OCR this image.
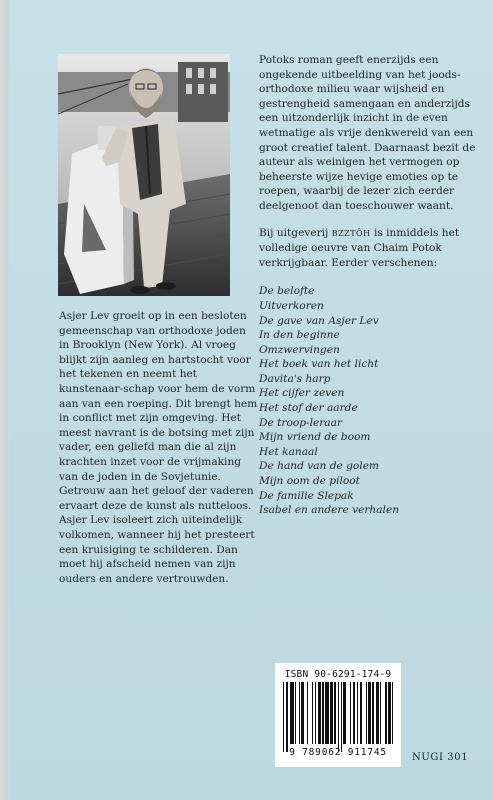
Asjer Lev groeit op in een besloten gemeenschap van orthodoxe joden in Brooklyn (New York). Al vroeg blijkt zijn aanleg en hartstocht voor het tekenen en neemt het kunstenaar-schap voor hem de vorm aan van een roeping. Dit brengt hem in conflict met zijn omgeving. Het meest navrant is de botsing met zijn vader, een geliefd man die al zijn krachten inzet voor de vrijmaking van de joden in de Sovjetunie. Getrouw aan het geloof der vaderen ervaart deze de kunst als nutteloos.

Asjer Lev isoleert zich uiteindelijk volkomen, wanneer hij het presteert een kruisiging te schilderen. Dan moet hij afscheid nemen van zijn ouders en andere vertrouwden.

Potoks roman geeft enerzijds een ongekende uitbeelding van het joods-orthodoxe milieu waar wijsheid en gestrengheid samengaan en anderzijds een uitzonderlijk inzicht in de even wetmatige als vrije denkwereld van een groot creatief talent. Daarnaast bezit de auteur als weinigen het vermogen op beheerste wijze hevige emoties op te roepen, waarbij de lezer zich eerder deelgenoot dan toeschouwer waant.

Bij uitgeverij BZZTÔH is inmiddels het volledige oeuvre van Chaim Potok verkrijgbaar. Eerder verschenen:

De belofte
Uitverkoren
De gave van Asjer Lev
In den beginne
Omzwervingen
Het boek van het licht
Davita's harp
Het cijfer zeven
Het stof der aarde
De troop-leraar
Mijn vriend de boom
Het kanaal
De hand van de golem
Mijn oom de piloot
De familie Slepak
Isabel en andere verhalen
ISBN 90-6291-174-9
9 789062 911745	NUGI 301
